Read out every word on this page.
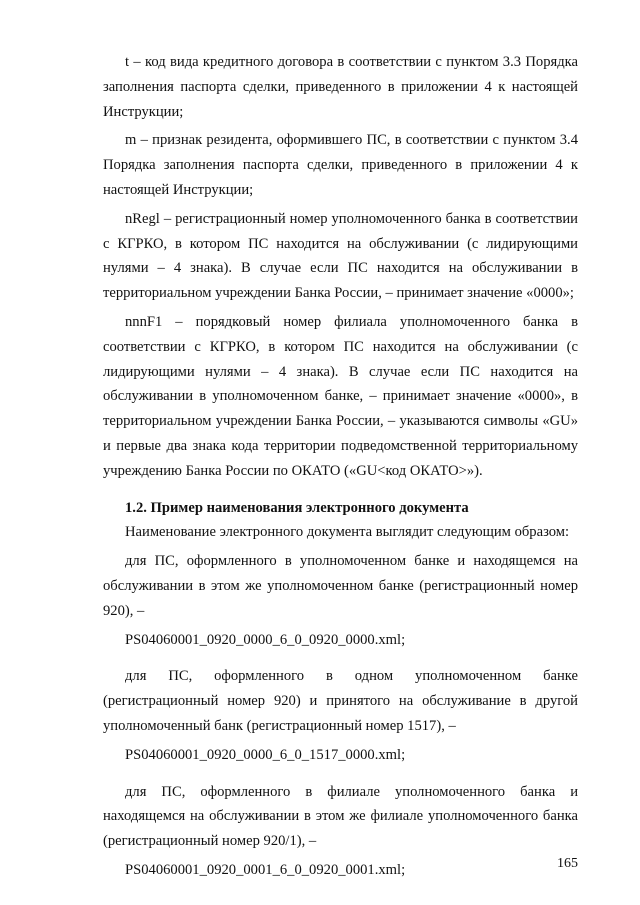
t – код вида кредитного договора в соответствии с пунктом 3.3 Порядка заполнения паспорта сделки, приведенного в приложении 4 к настоящей Инструкции;

m – признак резидента, оформившего ПС, в соответствии с пунктом 3.4 Порядка заполнения паспорта сделки, приведенного в приложении 4 к настоящей Инструкции;

nRegl – регистрационный номер уполномоченного банка в соответствии с КГРКО, в котором ПС находится на обслуживании (с лидирующими нулями – 4 знака). В случае если ПС находится на обслуживании в территориальном учреждении Банка России, – принимает значение «0000»;

nnnF1 – порядковый номер филиала уполномоченного банка в соответствии с КГРКО, в котором ПС находится на обслуживании (с лидирующими нулями – 4 знака). В случае если ПС находится на обслуживании в уполномоченном банке, – принимает значение «0000», в территориальном учреждении Банка России, – указываются символы «GU» и первые два знака кода территории подведомственной территориальному учреждению Банка России по ОКАТО («GU<код ОКАТО>»).

1.2. Пример наименования электронного документа

Наименование электронного документа выглядит следующим образом:

для ПС, оформленного в уполномоченном банке и находящемся на обслуживании в этом же уполномоченном банке (регистрационный номер 920), –

PS04060001_0920_0000_6_0_0920_0000.xml;

для ПС, оформленного в одном уполномоченном банке (регистрационный номер 920) и принятого на обслуживание в другой уполномоченный банк (регистрационный номер 1517), –

PS04060001_0920_0000_6_0_1517_0000.xml;

для ПС, оформленного в филиале уполномоченного банка и находящемся на обслуживании в этом же филиале уполномоченного банка (регистрационный номер 920/1), –

PS04060001_0920_0001_6_0_0920_0001.xml;	165
